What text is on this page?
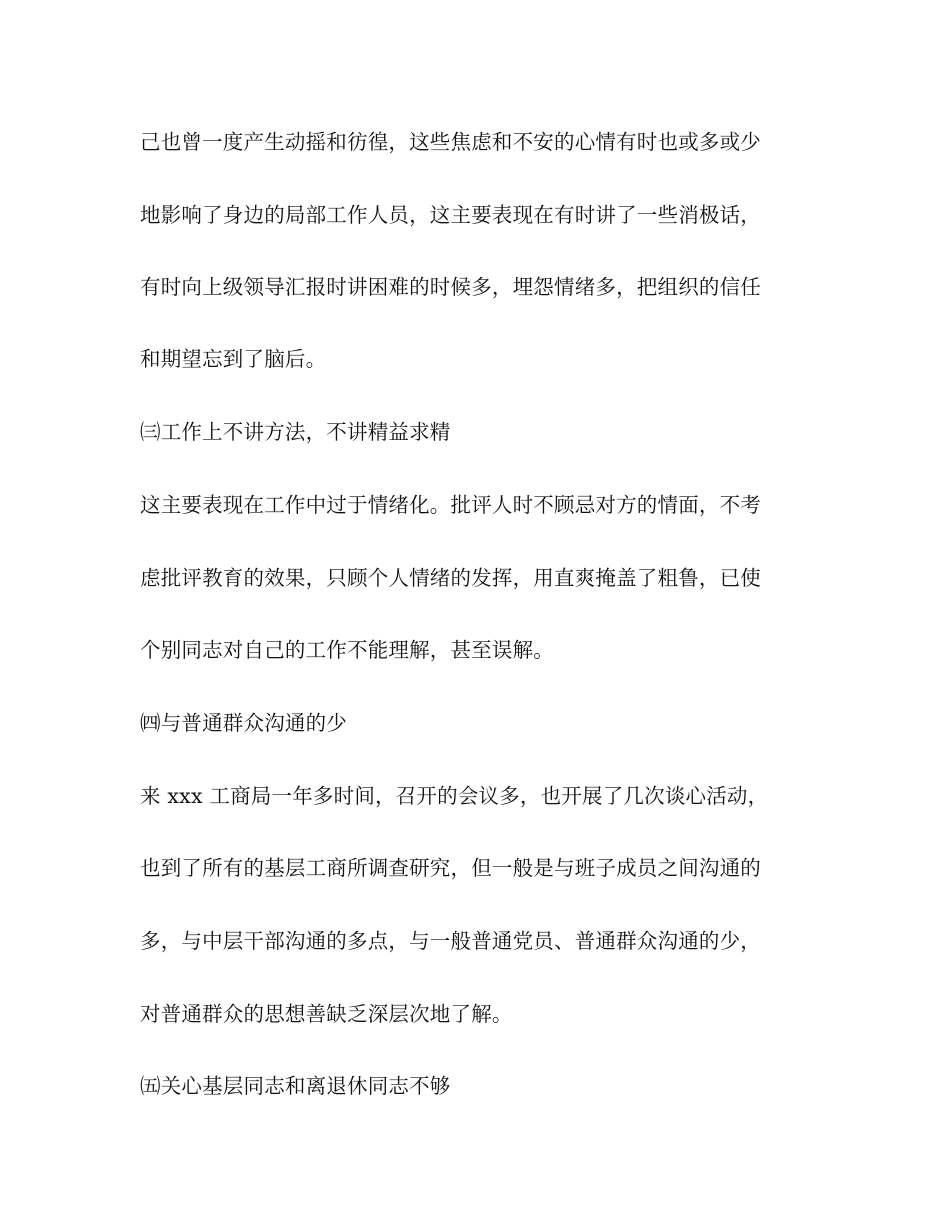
己也曾一度产生动摇和彷徨，这些焦虑和不安的心情有时也或多或少
地影响了身边的局部工作人员，这主要表现在有时讲了一些消极话，
有时向上级领导汇报时讲困难的时候多，埋怨情绪多，把组织的信任
和期望忘到了脑后。
㈢工作上不讲方法，不讲精益求精
这主要表现在工作中过于情绪化。批评人时不顾忌对方的情面，不考
虑批评教育的效果，只顾个人情绪的发挥，用直爽掩盖了粗鲁，已使
个别同志对自己的工作不能理解，甚至误解。
㈣与普通群众沟通的少
来 xxx 工商局一年多时间，召开的会议多，也开展了几次谈心活动，
也到了所有的基层工商所调查研究，但一般是与班子成员之间沟通的
多，与中层干部沟通的多点，与一般普通党员、普通群众沟通的少，
对普通群众的思想善缺乏深层次地了解。
㈤关心基层同志和离退休同志不够
